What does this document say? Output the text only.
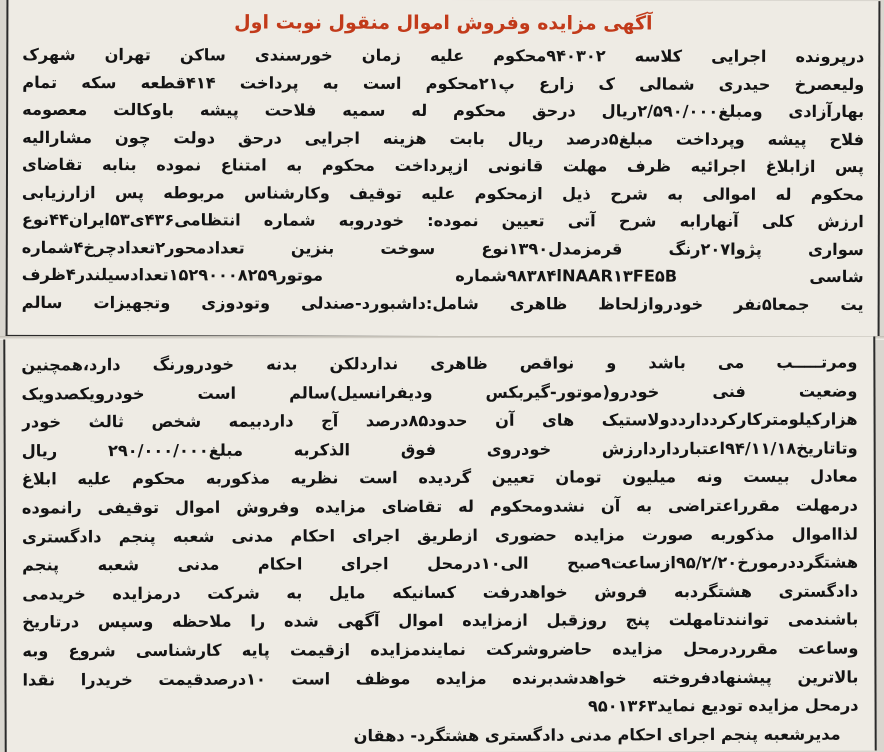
آگهی مزایده وفروش اموال منقول نوبت اول
درپرونده اجرایی کلاسه ۹۴۰۳۰۲محکوم علیه زمان خورسندی ساکن تهران شهرک
ولیعصرخ حیدری شمالی ک زارع پ۲۱محکوم است به پرداخت ۴۱۴قطعه سکه تمام
بهارآزادی ومبلغ۲/۵۹۰/۰۰۰ریال درحق محکوم له سمیه فلاحت پیشه باوکالت معصومه
فلاح پیشه وپرداخت مبلغ۵درصد ریال بابت هزینه اجرایی درحق دولت چون مشارالیه
پس ازابلاغ اجرائیه ظرف مهلت قانونی ازپرداخت محکوم به امتناع نموده بنابه تقاضای
محکوم له اموالی به شرح ذیل ازمحکوم علیه توقیف وکارشناس مربوطه پس ازارزیابی
ارزش کلی آنهارابه شرح آتی تعیین نموده: خودروبه شماره انتظامی۴۳۶ی۵۳ایران۴۴نوع
سواری پژوا۲۰۷رنگ قرمزمدل۱۳۹۰نوع سوخت بنزین تعدادمحور۲تعدادچرخ۴شماره
شاسی NAAR۱۳FE۵Bا۹۸۳۸۴شماره موتور۱۵۲۹۰۰۰۸۲۵۹تعدادسیلندر۴ظرف
یت جمعا۵نفر خودروازلحاظ ظاهری شامل:داشبورد-صندلی وتودوزی وتجهیزات سالم
ومرتـــــب می باشد و نواقص ظاهری نداردلکن بدنه خودرورنگ دارد،همچنین
وضعیت فنی خودرو(موتور-گیربکس ودیفرانسیل)سالم است خودرویکصدویک
هزارکیلومترکارکرددارددولاستیک های آن حدود۸۵درصد آج داردبیمه شخص ثالث خودر
وتاتاریخ۹۴/۱۱/۱۸اعتبارداردارزش خودروی فوق الذکربه مبلغ۲۹۰/۰۰۰/۰۰۰ ریال
معادل بیست ونه میلیون تومان تعیین گردیده است نظریه مذکوربه محکوم علیه ابلاغ
درمهلت مقرراعتراضی به آن نشدومحکوم له تقاضای مزایده وفروش اموال توقیفی رانموده
لذااموال مذکوربه صورت مزایده حضوری ازطریق اجرای احکام مدنی شعبه پنجم دادگستری
هشتگرددرمورخ۹۵/۲/۲۰ازساعت۹صبح الی۱۰درمحل اجرای احکام مدنی شعبه پنجم
دادگستری هشتگردبه فروش خواهدرفت کسانیکه مایل به شرکت درمزایده خریدمی
باشندمی توانندتامهلت پنج روزقبل ازمزایده اموال آگهی شده را ملاحظه وسپس درتاریخ
وساعت مقرردرمحل مزایده حاضروشرکت نمایندمزایده ازقیمت پایه کارشناسی شروع وبه
بالاترین پیشنهادفروخته خواهدشدبرنده مزایده موظف است ۱۰درصدقیمت خریدرا نقدا
درمحل مزایده تودیع نماید۹۵۰۱۳۶۳
مدیرشعبه پنجم اجرای احکام مدنی دادگستری هشتگرد- دهقان
